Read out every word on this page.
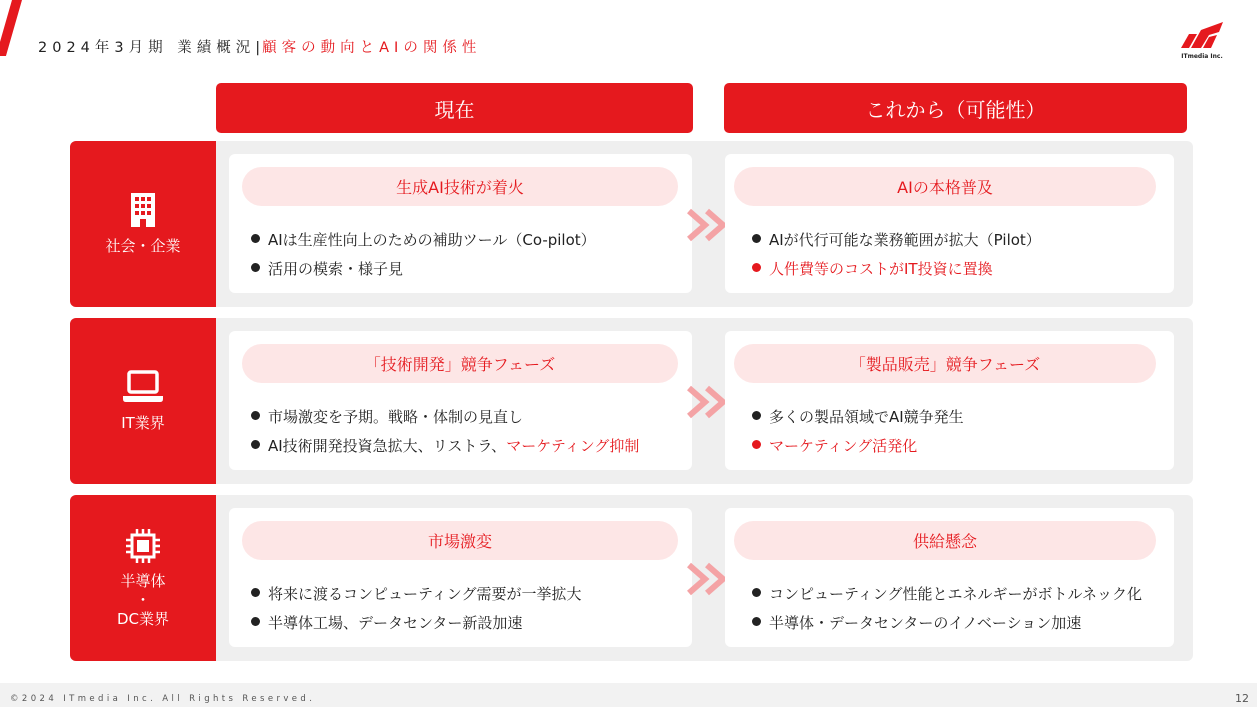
2024年3月期 業績概況|顧客の動向とAIの関係性
ITmedia Inc.
現在	これから（可能性）
社会・企業
生成AI技術が着火
AIは生産性向上のための補助ツール（Co-pilot）
活用の模索・様子見
AIの本格普及
AIが代行可能な業務範囲が拡大（Pilot）
人件費等のコストがIT投資に置換
IT業界
「技術開発」競争フェーズ
市場激変を予期。戦略・体制の見直し
AI技術開発投資急拡大、リストラ、マーケティング抑制
「製品販売」競争フェーズ
多くの製品領域でAI競争発生
マーケティング活発化
半導体
・
DC業界
市場激変
将来に渡るコンピューティング需要が一挙拡大
半導体工場、データセンター新設加速
供給懸念
コンピューティング性能とエネルギーがボトルネック化
半導体・データセンターのイノベーション加速
©2024 ITmedia Inc. All Rights Reserved.	12
